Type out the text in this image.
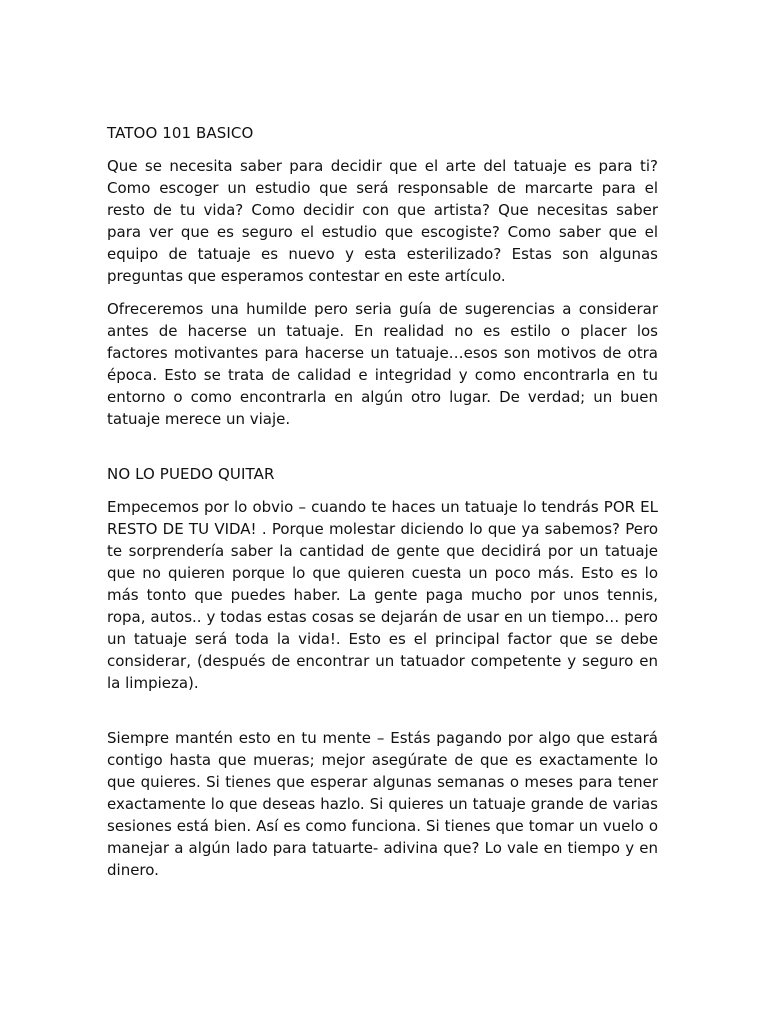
TATOO 101 BASICO

Que se necesita saber para decidir que el arte del tatuaje es para ti? Como escoger un estudio que será responsable de marcarte para el resto de tu vida? Como decidir con que artista? Que necesitas saber para ver que es seguro el estudio que escogiste? Como saber que el equipo de tatuaje es nuevo y esta esterilizado? Estas son algunas preguntas que esperamos contestar en este artículo.

Ofreceremos una humilde pero seria guía de sugerencias a considerar antes de hacerse un tatuaje. En realidad no es estilo o placer los factores motivantes para hacerse un tatuaje…esos son motivos de otra época. Esto se trata de calidad e integridad y como encontrarla en tu entorno o como encontrarla en algún otro lugar. De verdad; un buen tatuaje merece un viaje.

NO LO PUEDO QUITAR

Empecemos por lo obvio – cuando te haces un tatuaje lo tendrás POR EL RESTO DE TU VIDA! . Porque molestar diciendo lo que ya sabemos? Pero te sorprendería saber la cantidad de gente que decidirá por un tatuaje que no quieren porque lo que quieren cuesta un poco más. Esto es lo más tonto que puedes haber. La gente paga mucho por unos tennis, ropa, autos.. y todas estas cosas se dejarán de usar en un tiempo… pero un tatuaje será toda la vida!. Esto es el principal factor que se debe considerar, (después de encontrar un tatuador competente y seguro en la limpieza).

Siempre mantén esto en tu mente – Estás pagando por algo que estará contigo hasta que mueras; mejor asegúrate de que es exactamente lo que quieres. Si tienes que esperar algunas semanas o meses para tener exactamente lo que deseas hazlo. Si quieres un tatuaje grande de varias sesiones está bien. Así es como funciona. Si tienes que tomar un vuelo o manejar a algún lado para tatuarte- adivina que? Lo vale en tiempo y en dinero.
